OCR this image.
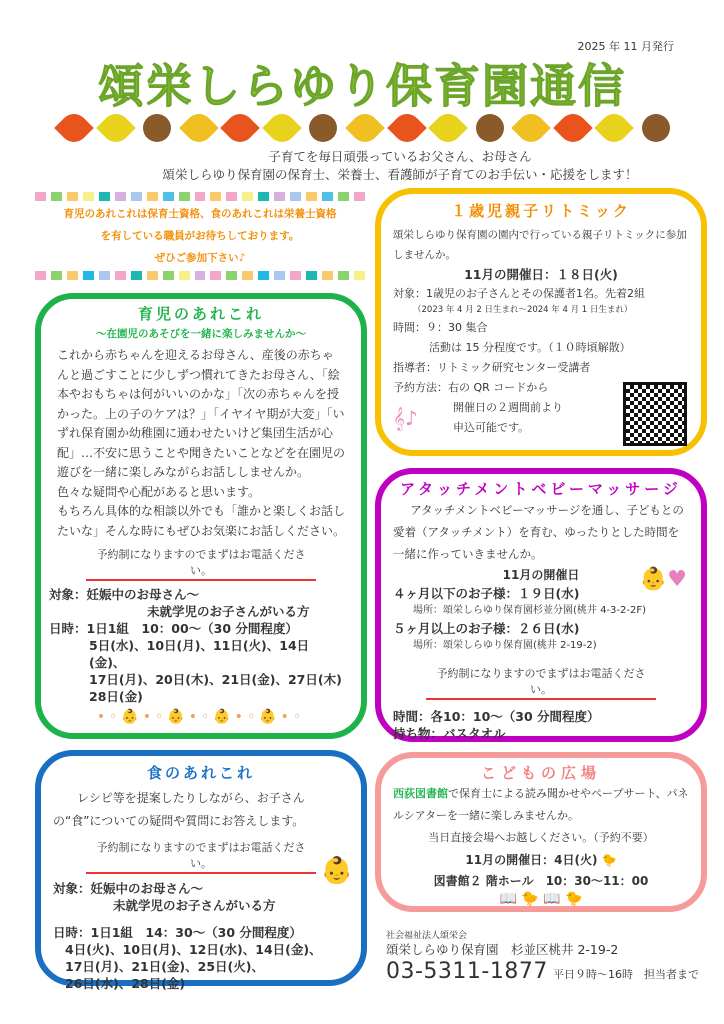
2025 年 11 月発行
頌栄しらゆり保育園通信
子育てを毎日頑張っているお父さん、お母さん
頌栄しらゆり保育園の保育士、栄養士、看護師が子育てのお手伝い・応援をします！

育児のあれこれは保育士資格、食のあれこれは栄養士資格

を有している職員がお待ちしております。

ぜひご参加下さい♪

育児のあれこれ
～在園児のあそびを一緒に楽しみませんか～
これから赤ちゃんを迎えるお母さん、産後の赤ちゃんと過ごすことに少しずつ慣れてきたお母さん、「絵本やおもちゃは何がいいのかな」「次の赤ちゃんを授かった。上の子のケアは？」「イヤイヤ期が大変」「いずれ保育園か幼稚園に通わせたいけど集団生活が心配」…不安に思うことや聞きたいことなどを在園児の遊びを一緒に楽しみながらお話ししませんか。
色々な疑問や心配があると思います。
もちろん具体的な相談以外でも「誰かと楽しくお話したいな」そんな時にもぜひお気楽にお話しください。
予約制になりますのでまずはお電話ください。
対象：妊娠中のお母さん～
未就学児のお子さんがいる方
日時：1日1組　10：00～（30 分間程度）
5日(水)、10日(月)、11日(火)、14日(金)、
17日(月)、20日(木)、21日(金)、27日(木)
28日(金)
•◦👶•◦👶•◦👶•◦👶•◦
食のあれこれ
レシピ等を提案したりしながら、お子さんの“食”についての疑問や質問にお答えします。
予約制になりますのでまずはお電話ください。
対象：妊娠中のお母さん～
未就学児のお子さんがいる方
日時：1日1組　14：30～（30 分間程度）
4日(火)、10日(月)、12日(水)、14日(金)、
17日(月)、21日(金)、25日(火)、
26日(水)、28日(金)
👶
１歳児親子リトミック
頌栄しらゆり保育園の園内で行っている親子リトミックに参加しませんか。
11月の開催日：１８日(火)
対象：1歳児のお子さんとその保護者1名。先着2組
（2023 年 4 月 2 日生まれ～2024 年 4 月 1 日生まれ）
時間：９：30 集合
活動は 15 分程度です。（１０時頃解散）
指導者：リトミック研究センター受講者
予約方法：右の QR コードから
開催日の２週間前より
申込可能です。
𝄞♪
アタッチメントベビーマッサージ
アタッチメントベビーマッサージを通し、子どもとの愛着（アタッチメント）を育む、ゆったりとした時間を一緒に作っていきませんか。
11月の開催日
４ヶ月以下のお子様：１９日(水)
場所：頌栄しらゆり保育園杉並分園(桃井 4-3-2-2F)
５ヶ月以上のお子様：２６日(水)
場所：頌栄しらゆり保育園(桃井 2-19-2)
予約制になりますのでまずはお電話ください。
時間：各10：10～（30 分間程度）
持ち物：バスタオル
👶♥
こどもの広場
西荻図書館で保育士による読み聞かせやペープサート、パネルシアターを一緒に楽しみませんか。
当日直接会場へお越しください。（予約不要）
11月の開催日：4日(火) 🐤
図書館２ 階ホール　10：30～11：00
📖 🐤 📖 🐤
社会福祉法人頌栄会
頌栄しらゆり保育園　杉並区桃井 2-19-2
03-5311-1877 平日９時～16時　担当者まで
